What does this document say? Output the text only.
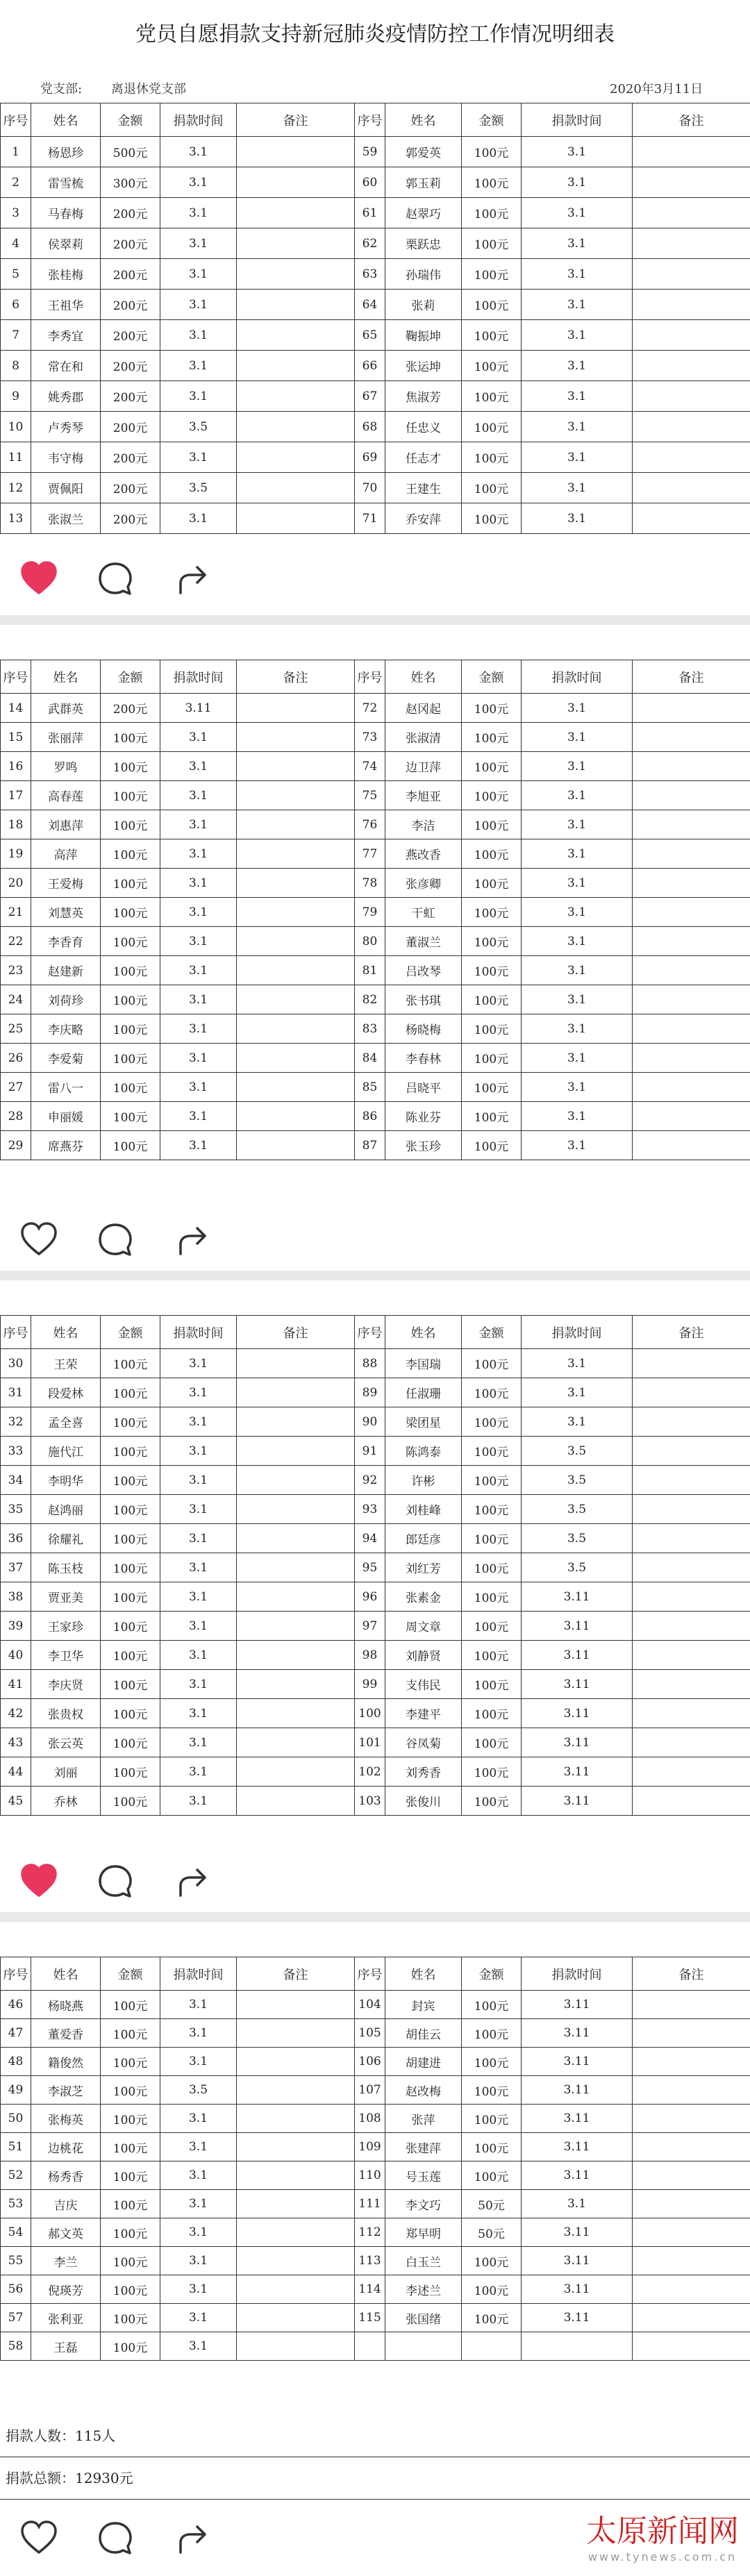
党员自愿捐款支持新冠肺炎疫情防控工作情况明细表
党支部: 离退休党支部	2020年3月11日
序号	姓名	金额	捐款时间	备注	序号	姓名	金额	捐款时间	备注
1	杨恩珍	500元	3.1		59	郭爱英	100元	3.1	
2	雷雪梳	300元	3.1		60	郭玉莉	100元	3.1	
3	马春梅	200元	3.1		61	赵翠巧	100元	3.1	
4	侯翠莉	200元	3.1		62	栗跃忠	100元	3.1	
5	张桂梅	200元	3.1		63	孙瑞伟	100元	3.1	
6	王祖华	200元	3.1		64	张莉	100元	3.1	
7	李秀宜	200元	3.1		65	鞠振坤	100元	3.1	
8	常在和	200元	3.1		66	张运坤	100元	3.1	
9	姚秀郡	200元	3.1		67	焦淑芳	100元	3.1	
10	卢秀琴	200元	3.5		68	任忠义	100元	3.1	
11	韦守梅	200元	3.1		69	任志才	100元	3.1	
12	贾佩阳	200元	3.5		70	王建生	100元	3.1	
13	张淑兰	200元	3.1		71	乔安萍	100元	3.1	
序号	姓名	金额	捐款时间	备注	序号	姓名	金额	捐款时间	备注
14	武群英	200元	3.11		72	赵冈起	100元	3.1	
15	张丽萍	100元	3.1		73	张淑清	100元	3.1	
16	罗鸣	100元	3.1		74	边卫萍	100元	3.1	
17	高春莲	100元	3.1		75	李旭亚	100元	3.1	
18	刘惠萍	100元	3.1		76	李洁	100元	3.1	
19	高萍	100元	3.1		77	燕改香	100元	3.1	
20	王爱梅	100元	3.1		78	张彦卿	100元	3.1	
21	刘慧英	100元	3.1		79	干虹	100元	3.1	
22	李香育	100元	3.1		80	董淑兰	100元	3.1	
23	赵建新	100元	3.1		81	吕改琴	100元	3.1	
24	刘荷珍	100元	3.1		82	张书琪	100元	3.1	
25	李庆略	100元	3.1		83	杨晓梅	100元	3.1	
26	李爱菊	100元	3.1		84	李春林	100元	3.1	
27	雷八一	100元	3.1		85	吕晓平	100元	3.1	
28	申丽媛	100元	3.1		86	陈业芬	100元	3.1	
29	席燕芬	100元	3.1		87	张玉珍	100元	3.1	
序号	姓名	金额	捐款时间	备注	序号	姓名	金额	捐款时间	备注
30	王荣	100元	3.1		88	李国瑞	100元	3.1	
31	段爱林	100元	3.1		89	任淑珊	100元	3.1	
32	孟全喜	100元	3.1		90	梁团星	100元	3.1	
33	施代江	100元	3.1		91	陈鸿泰	100元	3.5	
34	李明华	100元	3.1		92	许彬	100元	3.5	
35	赵鸿丽	100元	3.1		93	刘桂峰	100元	3.5	
36	徐耀礼	100元	3.1		94	郎廷彦	100元	3.5	
37	陈玉枝	100元	3.1		95	刘红芳	100元	3.5	
38	贾亚美	100元	3.1		96	张素金	100元	3.11	
39	王家珍	100元	3.1		97	周文章	100元	3.11	
40	李卫华	100元	3.1		98	刘静贤	100元	3.11	
41	李庆贤	100元	3.1		99	支伟民	100元	3.11	
42	张贵权	100元	3.1		100	李建平	100元	3.11	
43	张云英	100元	3.1		101	谷凤菊	100元	3.11	
44	刘丽	100元	3.1		102	刘秀香	100元	3.11	
45	乔林	100元	3.1		103	张俊川	100元	3.11	
序号	姓名	金额	捐款时间	备注	序号	姓名	金额	捐款时间	备注
46	杨晓燕	100元	3.1		104	封宾	100元	3.11	
47	董爱香	100元	3.1		105	胡佳云	100元	3.11	
48	籍俊然	100元	3.1		106	胡建进	100元	3.11	
49	李淑芝	100元	3.5		107	赵改梅	100元	3.11	
50	张梅英	100元	3.1		108	张萍	100元	3.11	
51	边桃花	100元	3.1		109	张建萍	100元	3.11	
52	杨秀香	100元	3.1		110	号玉莲	100元	3.11	
53	吉庆	100元	3.1		111	李文巧	50元	3.1	
54	郝文英	100元	3.1		112	郑早明	50元	3.11	
55	李兰	100元	3.1		113	白玉兰	100元	3.11	
56	倪瑛芳	100元	3.1		114	李述兰	100元	3.11	
57	张利亚	100元	3.1		115	张国绪	100元	3.11	
58	王磊	100元	3.1						
捐款人数：115人
捐款总额：12930元
太原新闻网
www.tynews.com.cn
